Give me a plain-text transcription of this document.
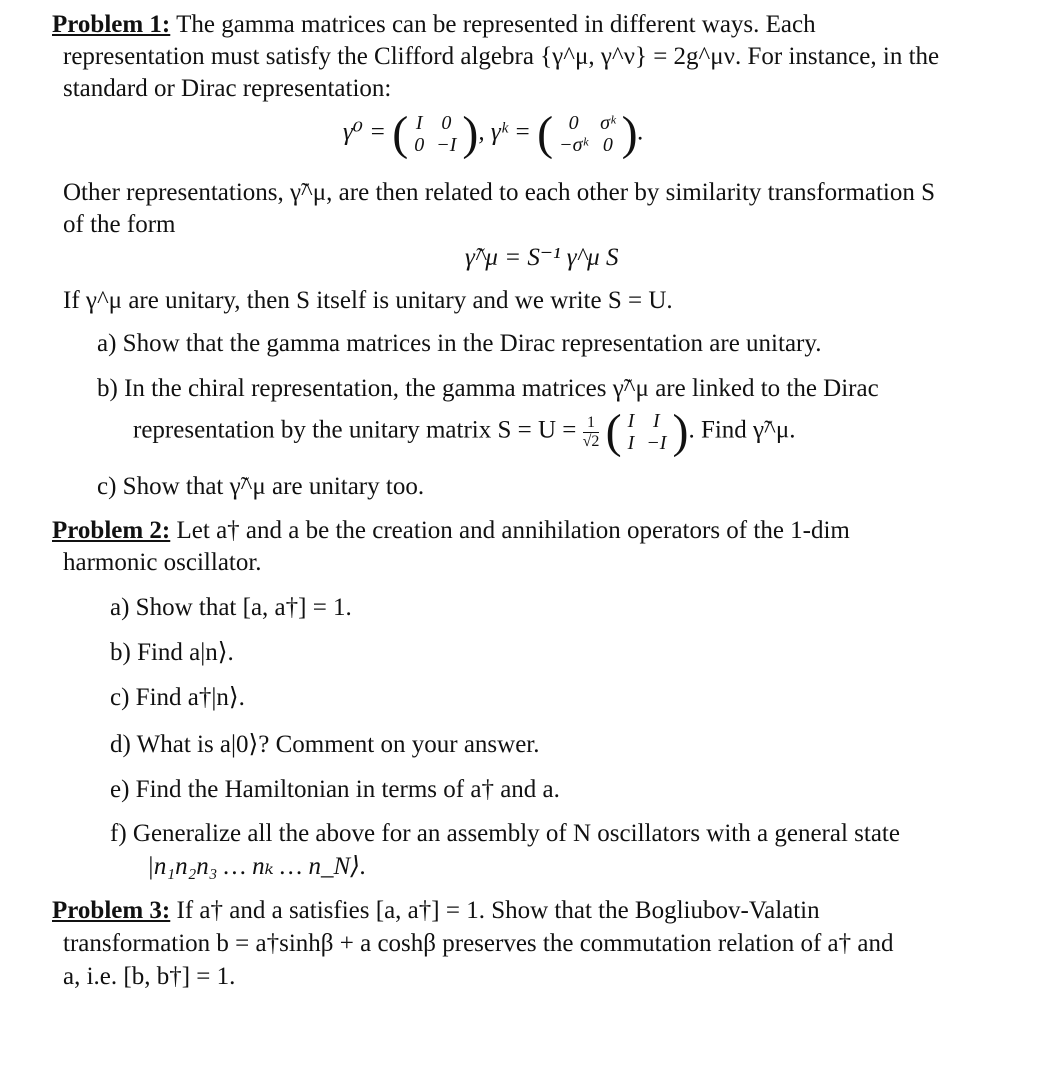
Problem 1: The gamma matrices can be represented in different ways. Each
representation must satisfy the Clifford algebra {γ^μ, γ^ν} = 2g^μν. For instance, in the
standard or Dirac representation:
γ⁰ = ( I	0
0	−I ), γᵏ = ( 0	σᵏ
−σᵏ	0 ).
Other representations, γ̃^μ, are then related to each other by similarity transformation S
of the form
γ̃^μ = S⁻¹ γ^μ S
If γ^μ are unitary, then S itself is unitary and we write S = U.
a) Show that the gamma matrices in the Dirac representation are unitary.
b) In the chiral representation, the gamma matrices γ̃^μ are linked to the Dirac
representation by the unitary matrix $S = U = \frac{1}{√2}$ ( I	I
I	−I ). Find γ̃^μ.
c) Show that γ̃^μ are unitary too.
Problem 2: Let a† and a be the creation and annihilation operators of the 1-dim
harmonic oscillator.
a) Show that [a, a†] = 1.
b) Find a|n⟩.
c) Find a†|n⟩.
d) What is a|0⟩? Comment on your answer.
e) Find the Hamiltonian in terms of a† and a.
f) Generalize all the above for an assembly of N oscillators with a general state
|n₁n₂n₃ … nₖ … n_N⟩.
Problem 3: If a† and a satisfies [a, a†] = 1. Show that the Bogliubov-Valatin
transformation b = a†sinhβ + a coshβ preserves the commutation relation of a† and
a, i.e. [b, b†] = 1.
